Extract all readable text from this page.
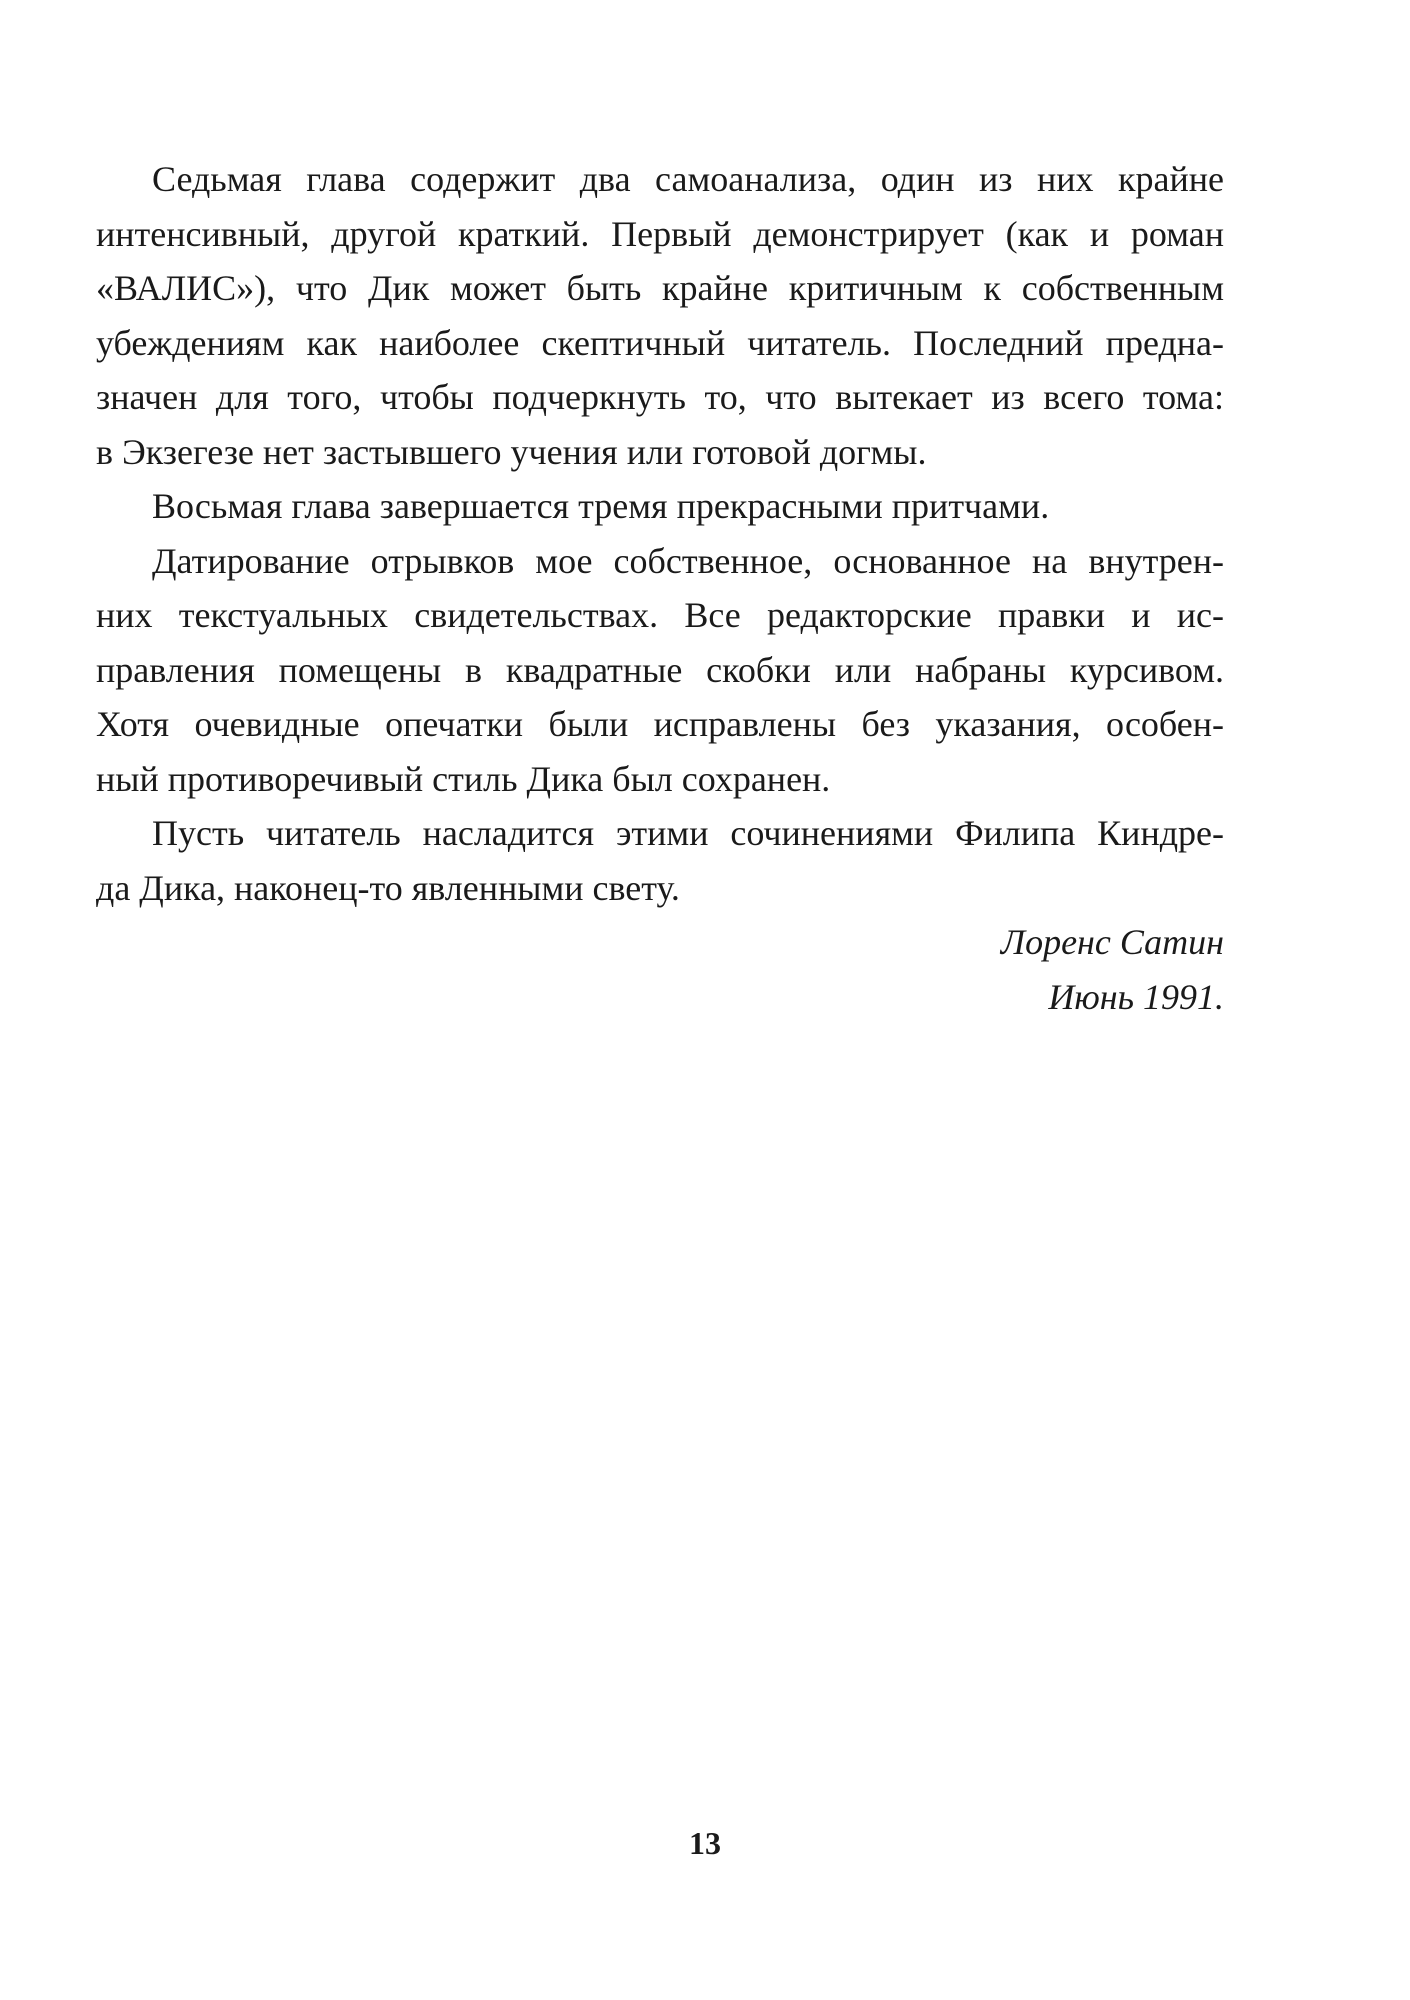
Седьмая глава содержит два самоанализа, один из них крайне
интенсивный, другой краткий. Первый демонстрирует (как и роман
«ВАЛИС»), что Дик может быть крайне критичным к собственным
убеждениям как наиболее скептичный читатель. Последний предна-
значен для того, чтобы подчеркнуть то, что вытекает из всего тома:
в Экзегезе нет застывшего учения или готовой догмы.
Восьмая глава завершается тремя прекрасными притчами.
Датирование отрывков мое собственное, основанное на внутрен-
них текстуальных свидетельствах. Все редакторские правки и ис-
правления помещены в квадратные скобки или набраны курсивом.
Хотя очевидные опечатки были исправлены без указания, особен-
ный противоречивый стиль Дика был сохранен.
Пусть читатель насладится этими сочинениями Филипа Киндре-
да Дика, наконец-то явленными свету.
Лоренс Сатин
Июнь 1991.
13
